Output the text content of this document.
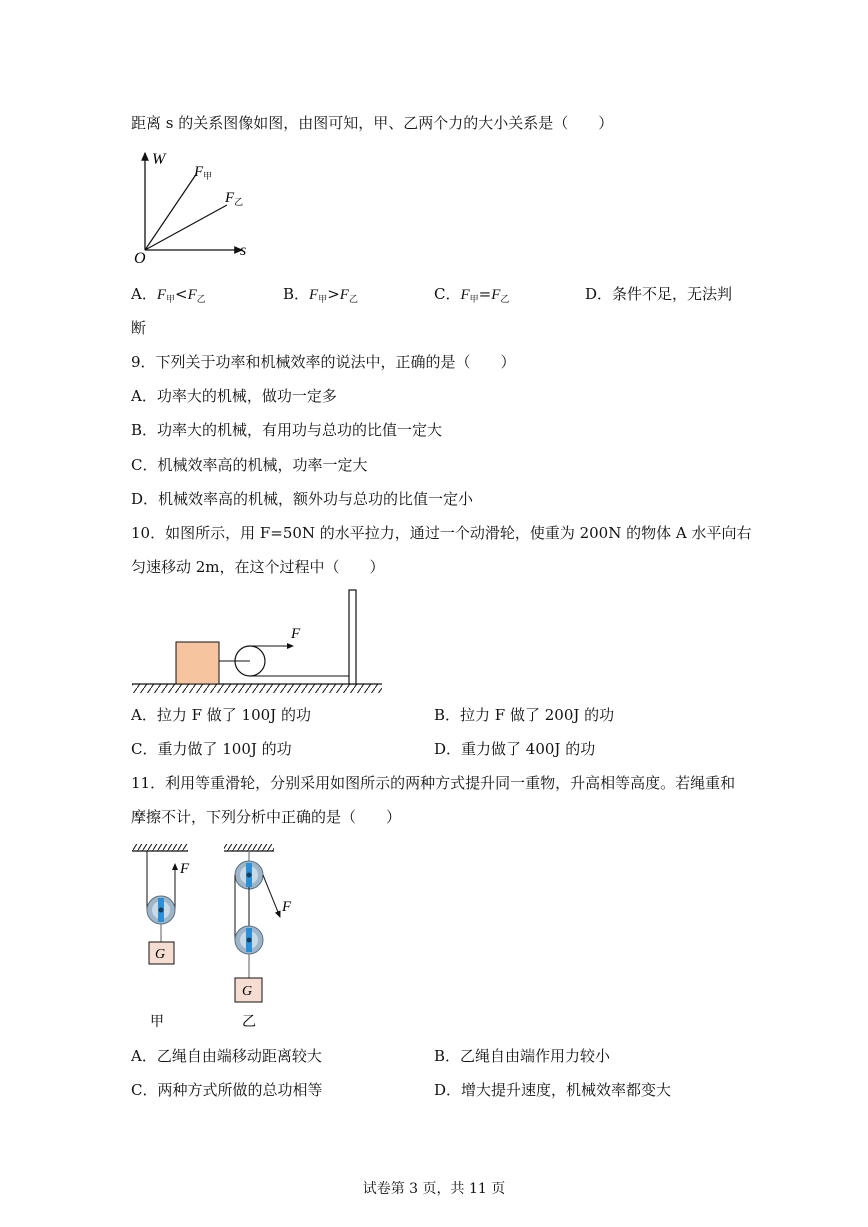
距离 s 的关系图像如图，由图可知，甲、乙两个力的大小关系是（　　）
W
s
O
$F_甲$
$F_乙$
A．$F_甲<F_乙$	B．$F_甲>F_乙$	C．$F_甲=F_乙$	D．条件不足，无法判
断
9．下列关于功率和机械效率的说法中，正确的是（　　）
A．功率大的机械，做功一定多
B．功率大的机械，有用功与总功的比值一定大
C．机械效率高的机械，功率一定大
D．机械效率高的机械，额外功与总功的比值一定小
10．如图所示，用 F=50N 的水平拉力，通过一个动滑轮，使重为 200N 的物体 A 水平向右
匀速移动 2m，在这个过程中（　　）
F
A．拉力 F 做了 100J 的功	B．拉力 F 做了 200J 的功
C．重力做了 100J 的功	D．重力做了 400J 的功
11．利用等重滑轮，分别采用如图所示的两种方式提升同一重物，升高相等高度。若绳重和
摩擦不计，下列分析中正确的是（　　）
G
F
G
F
甲	乙
A．乙绳自由端移动距离较大	B．乙绳自由端作用力较小
C．两种方式所做的总功相等	D．增大提升速度，机械效率都变大
试卷第 3 页，共 11 页
